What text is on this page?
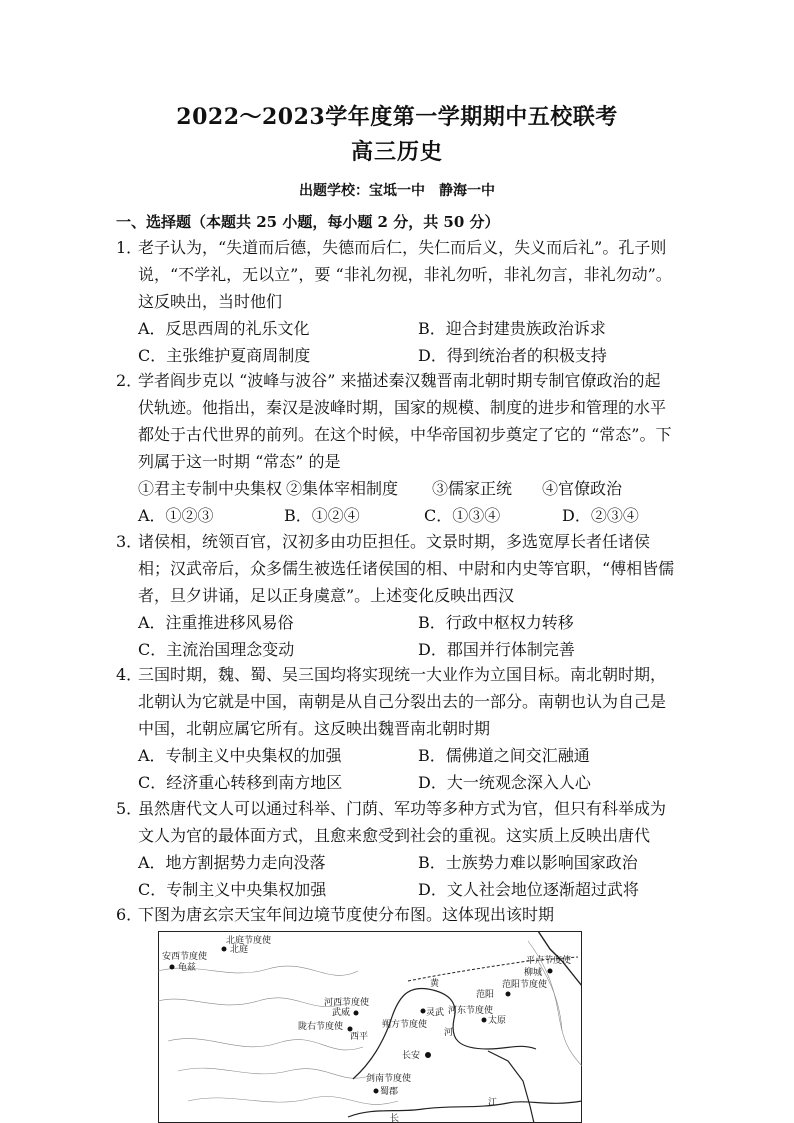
2022～2023学年度第一学期期中五校联考
高三历史
出题学校：宝坻一中　静海一中
一、选择题（本题共 25 小题，每小题 2 分，共 50 分）
1．
老子认为，“失道而后德，失德而后仁，失仁而后义，失义而后礼”。孔子则说，“不学礼，无以立”，要 “非礼勿视，非礼勿听，非礼勿言，非礼勿动”。这反映出，当时他们
A．反思西周的礼乐文化	B．迎合封建贵族政治诉求
C．主张维护夏商周制度	D．得到统治者的积极支持
2．
学者阎步克以 “波峰与波谷” 来描述秦汉魏晋南北朝时期专制官僚政治的起伏轨迹。他指出，秦汉是波峰时期，国家的规模、制度的进步和管理的水平都处于古代世界的前列。在这个时候，中华帝国初步奠定了它的 “常态”。下列属于这一时期 “常态” 的是
①君主专制中央集权 ②集体宰相制度	③儒家正统	④官僚政治
A．①②③	B．①②④	C．①③④	D．②③④
3．
诸侯相，统领百官，汉初多由功臣担任。文景时期，多选宽厚长者任诸侯相；汉武帝后，众多儒生被选任诸侯国的相、中尉和内史等官职，“傅相皆儒者，旦夕讲诵，足以正身虞意”。上述变化反映出西汉
A．注重推进移风易俗	B．行政中枢权力转移
C．主流治国理念变动	D．郡国并行体制完善
4．
三国时期，魏、蜀、吴三国均将实现统一大业作为立国目标。南北朝时期，北朝认为它就是中国，南朝是从自己分裂出去的一部分。南朝也认为自己是中国，北朝应属它所有。这反映出魏晋南北朝时期
A．专制主义中央集权的加强	B．儒佛道之间交汇融通
C．经济重心转移到南方地区	D．大一统观念深入人心
5．
虽然唐代文人可以通过科举、门荫、军功等多种方式为官，但只有科举成为文人为官的最体面方式，且愈来愈受到社会的重视。这实质上反映出唐代
A．地方割据势力走向没落	B．士族势力难以影响国家政治
C．专制主义中央集权加强	D．文人社会地位逐渐超过武将
6．
下图为唐玄宗天宝年间边境节度使分布图。这体现出该时期
北庭节度使
北庭
安西节度使
龟兹
平卢节度使
柳城
范阳节度使
范阳
河东节度使
太原
河西节度使
武威
陇右节度使
灵武
朔方节度使
西平
长安
剑南节度使
蜀郡
黄
河
长
江
